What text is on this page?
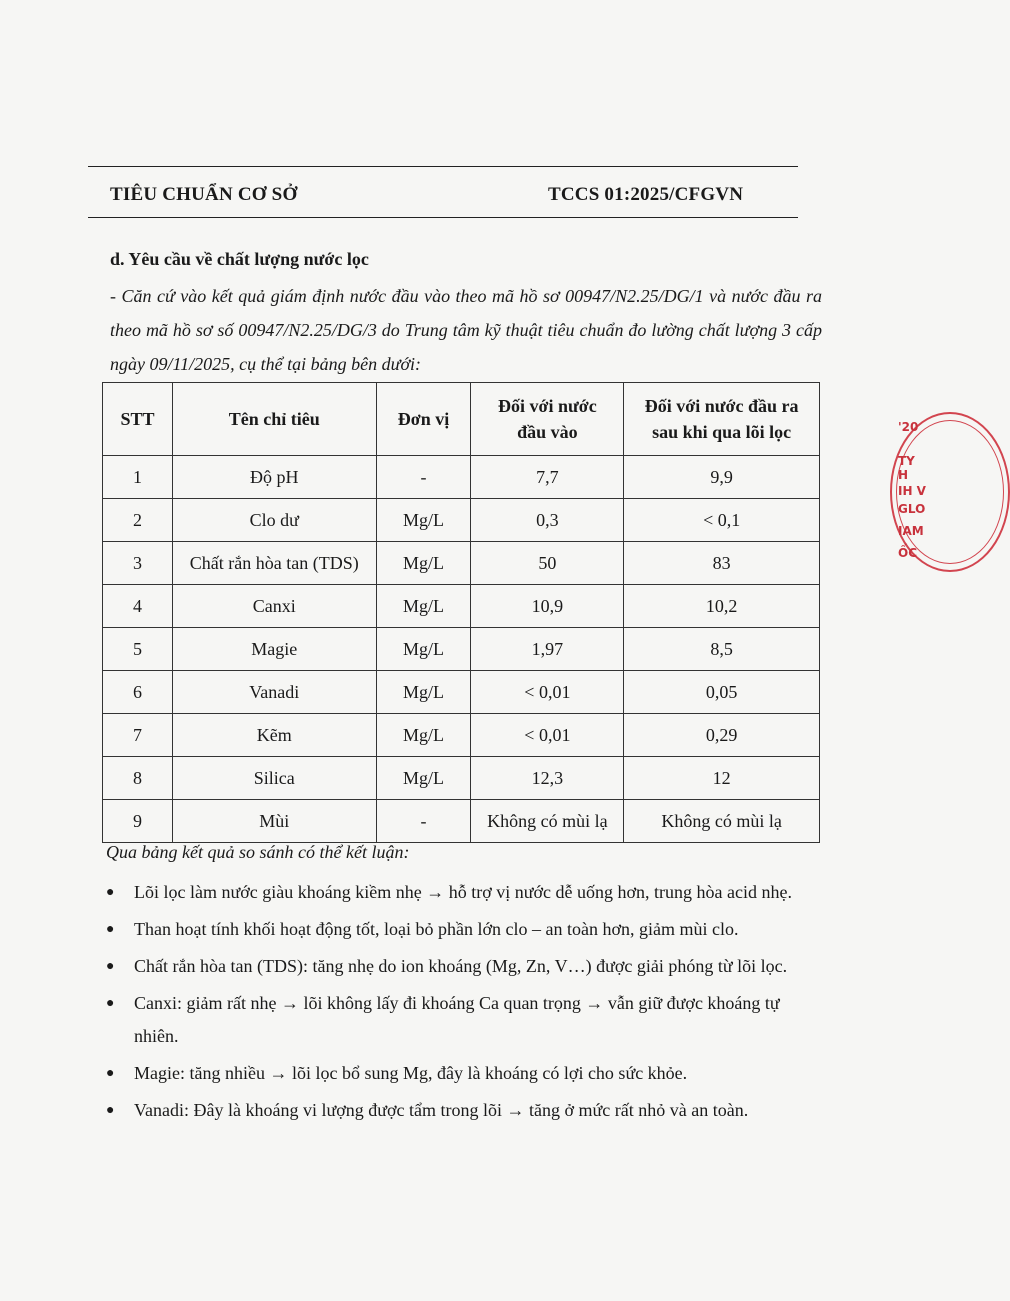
TIÊU CHUẨN CƠ SỞ	TCCS 01:2025/CFGVN
d. Yêu cầu về chất lượng nước lọc
- Căn cứ vào kết quả giám định nước đầu vào theo mã hồ sơ 00947/N2.25/DG/1 và nước đầu ra theo mã hồ sơ số 00947/N2.25/DG/3 do Trung tâm kỹ thuật tiêu chuẩn đo lường chất lượng 3 cấp ngày 09/11/2025, cụ thể tại bảng bên dưới:
STT	Tên chỉ tiêu	Đơn vị	Đối với nước đầu vào	Đối với nước đầu ra sau khi qua lõi lọc
1	Độ pH	-	7,7	9,9
2	Clo dư	Mg/L	0,3	< 0,1
3	Chất rắn hòa tan (TDS)	Mg/L	50	83
4	Canxi	Mg/L	10,9	10,2
5	Magie	Mg/L	1,97	8,5
6	Vanadi	Mg/L	< 0,01	0,05
7	Kẽm	Mg/L	< 0,01	0,29
8	Silica	Mg/L	12,3	12
9	Mùi	-	Không có mùi lạ	Không có mùi lạ
Qua bảng kết quả so sánh có thể kết luận:
● Lõi lọc làm nước giàu khoáng kiềm nhẹ → hỗ trợ vị nước dễ uống hơn, trung hòa acid nhẹ.
● Than hoạt tính khối hoạt động tốt, loại bỏ phần lớn clo – an toàn hơn, giảm mùi clo.
● Chất rắn hòa tan (TDS): tăng nhẹ do ion khoáng (Mg, Zn, V…) được giải phóng từ lõi lọc.
● Canxi: giảm rất nhẹ → lõi không lấy đi khoáng Ca quan trọng → vẫn giữ được khoáng tự nhiên.
● Magie: tăng nhiều → lõi lọc bổ sung Mg, đây là khoáng có lợi cho sức khỏe.
● Vanadi: Đây là khoáng vi lượng được tẩm trong lõi → tăng ở mức rất nhỏ và an toàn.
'20
TY
H
IH V
GLO
IAM
ỐC
